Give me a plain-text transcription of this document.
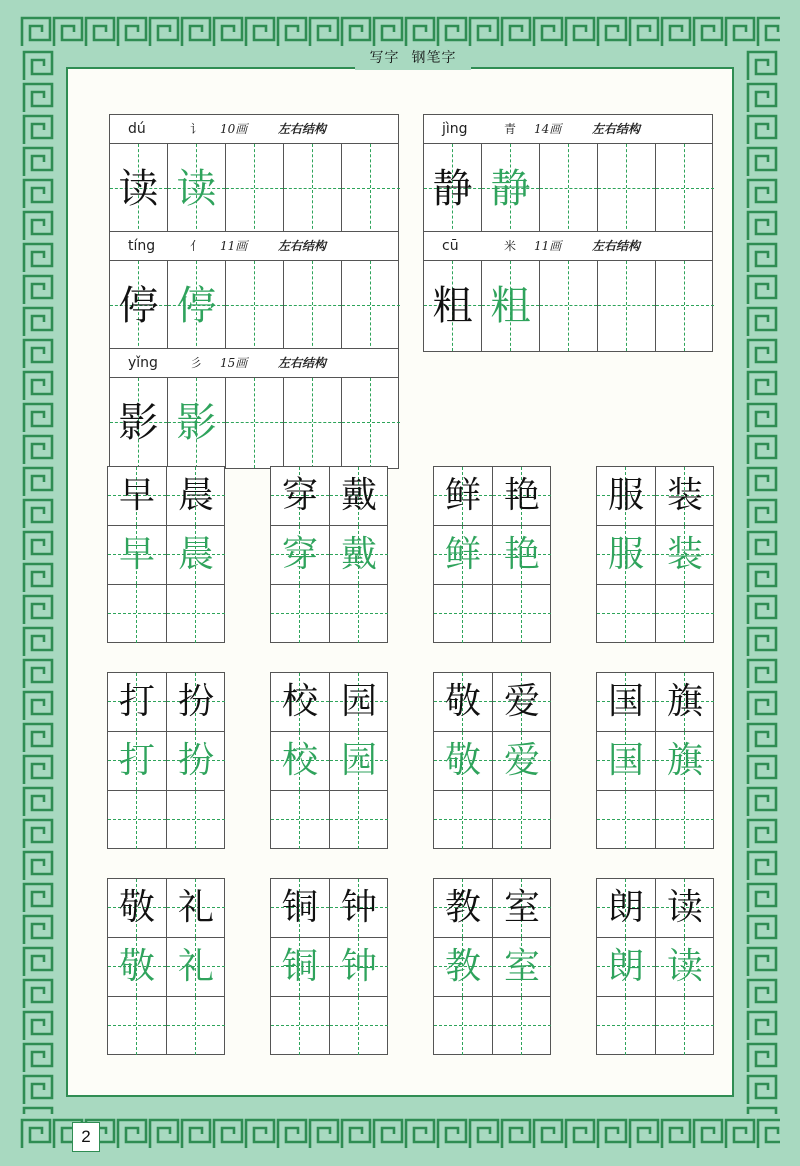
写字 钢笔字
2
dú	讠 10画	左右结构
读 读
jìng	青 14画	左右结构
静 静
tíng	亻 11画	左右结构
停 停
cū	米 11画	左右结构
粗 粗
yǐng	彡 15画	左右结构
影 影
早 晨
早 晨
穿 戴
穿 戴
鲜 艳
鲜 艳
服 装
服 装
打 扮
打 扮
校 园
校 园
敬 爱
敬 爱
国 旗
国 旗
敬 礼
敬 礼
铜 钟
铜 钟
教 室
教 室
朗 读
朗 读
